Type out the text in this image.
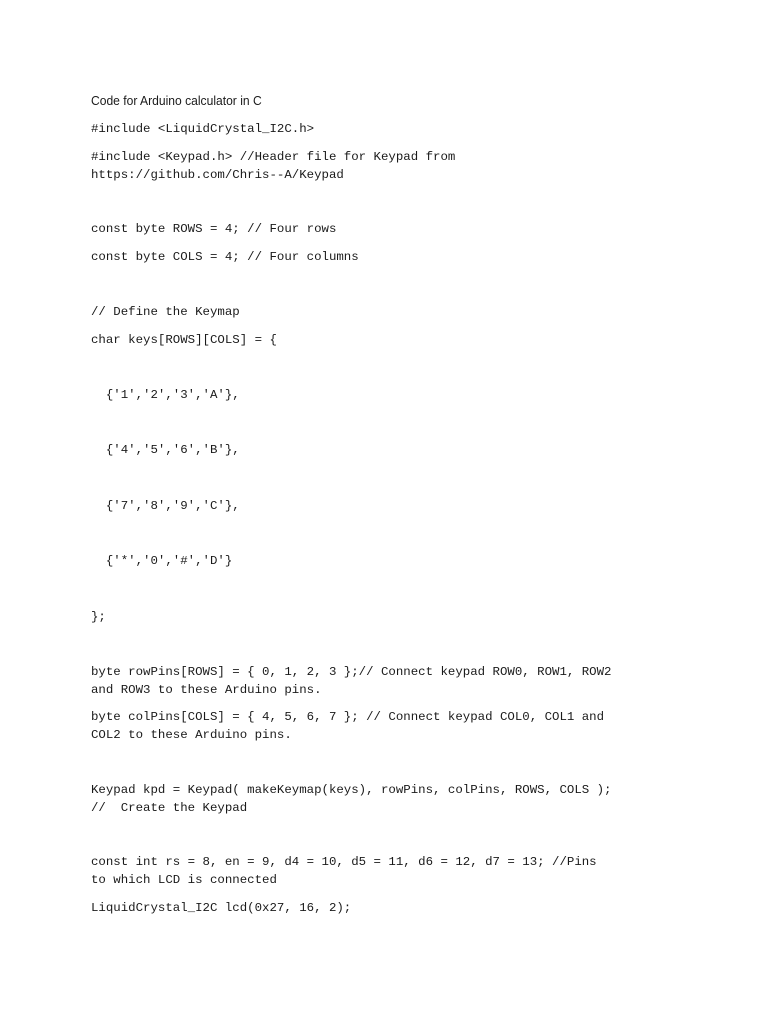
Code for Arduino calculator in C
#include <LiquidCrystal_I2C.h>
#include <Keypad.h> //Header file for Keypad from
https://github.com/Chris--A/Keypad
const byte ROWS = 4; // Four rows
const byte COLS = 4; // Four columns
// Define the Keymap
char keys[ROWS][COLS] = {
{'1','2','3','A'},
{'4','5','6','B'},
{'7','8','9','C'},
{'*','0','#','D'}
};
byte rowPins[ROWS] = { 0, 1, 2, 3 };// Connect keypad ROW0, ROW1, ROW2
and ROW3 to these Arduino pins.
byte colPins[COLS] = { 4, 5, 6, 7 }; // Connect keypad COL0, COL1 and
COL2 to these Arduino pins.
Keypad kpd = Keypad( makeKeymap(keys), rowPins, colPins, ROWS, COLS );
//  Create the Keypad
const int rs = 8, en = 9, d4 = 10, d5 = 11, d6 = 12, d7 = 13; //Pins
to which LCD is connected
LiquidCrystal_I2C lcd(0x27, 16, 2);
